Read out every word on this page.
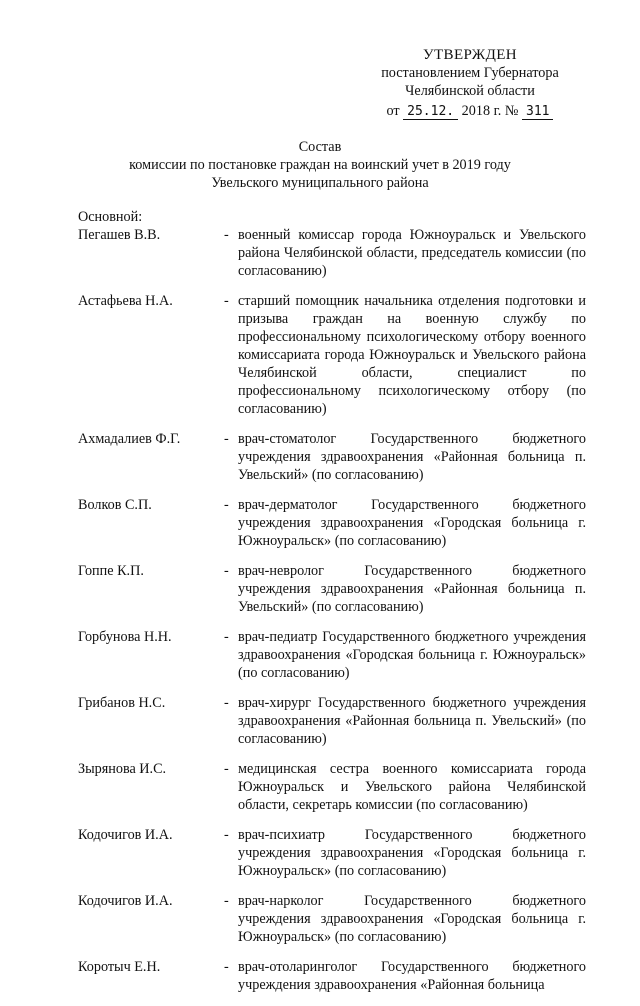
УТВЕРЖДЕН
постановлением Губернатора
Челябинской области
от 25.12. 2018 г. № 311
Состав
комиссии по постановке граждан на воинский учет в 2019 году
Увельского муниципального района
Основной:
Пегашев В.В.	- военный комиссар города Южноуральск и Увельского района Челябинской области, председатель комиссии (по согласованию)
Астафьева Н.А.	- старший помощник начальника отделения подготовки и призыва граждан на военную службу по профессиональному психологическому отбору военного комиссариата города Южноуральск и Увельского района Челябинской области, специалист по профессиональному психологическому отбору (по согласованию)
Ахмадалиев Ф.Г.	- врач-стоматолог Государственного бюджетного учреждения здравоохранения «Районная больница п. Увельский» (по согласованию)
Волков С.П.	- врач-дерматолог Государственного бюджетного учреждения здравоохранения «Городская больница г. Южноуральск» (по согласованию)
Гоппе К.П.	- врач-невролог Государственного бюджетного учреждения здравоохранения «Районная больница п. Увельский» (по согласованию)
Горбунова Н.Н.	- врач-педиатр Государственного бюджетного учреждения здравоохранения «Городская больница г. Южноуральск» (по согласованию)
Грибанов Н.С.	- врач-хирург Государственного бюджетного учреждения здравоохранения «Районная больница п. Увельский» (по согласованию)
Зырянова И.С.	- медицинская сестра военного комиссариата города Южноуральск и Увельского района Челябинской области, секретарь комиссии (по согласованию)
Кодочигов И.А.	- врач-психиатр Государственного бюджетного учреждения здравоохранения «Городская больница г. Южноуральск» (по согласованию)
Кодочигов И.А.	- врач-нарколог Государственного бюджетного учреждения здравоохранения «Городская больница г. Южноуральск» (по согласованию)
Коротыч Е.Н.	- врач-отоларинголог Государственного бюджетного учреждения здравоохранения «Районная больница
